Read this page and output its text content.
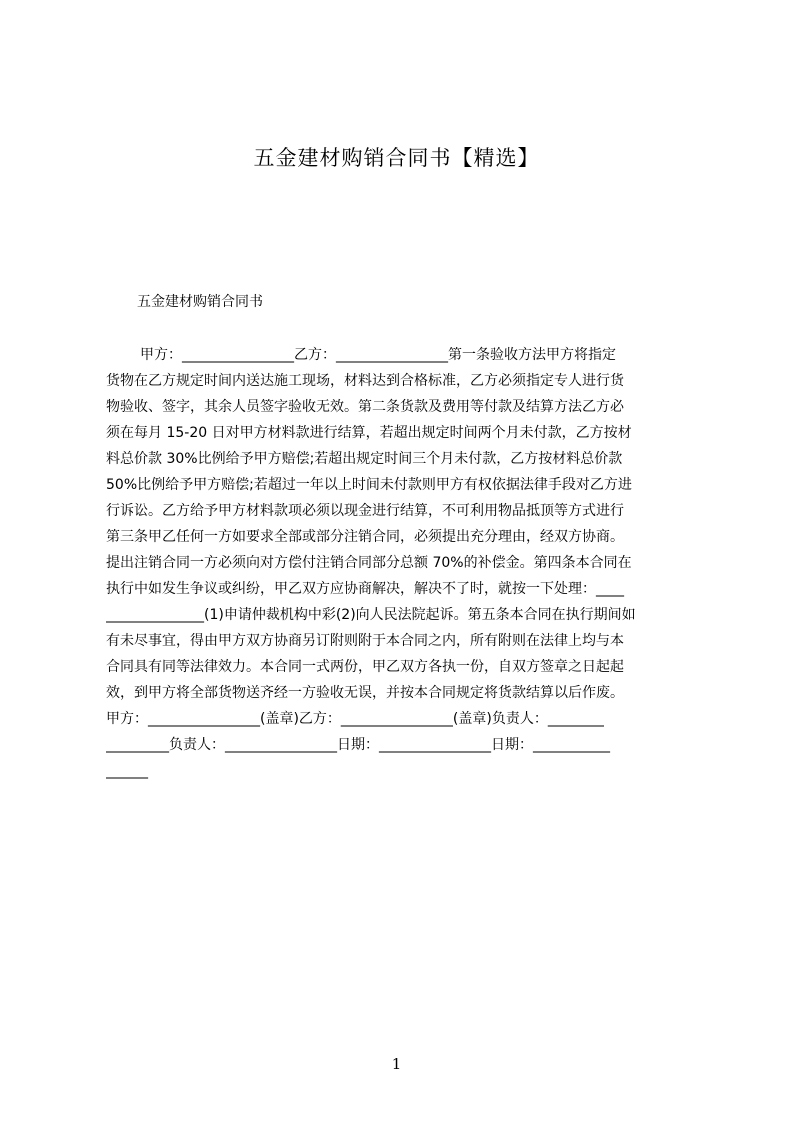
五金建材购销合同书【精选】
五金建材购销合同书
甲方：________________乙方：________________第一条验收方法甲方将指定
货物在乙方规定时间内送达施工现场，材料达到合格标准，乙方必须指定专人进行货
物验收、签字，其余人员签字验收无效。第二条货款及费用等付款及结算方法乙方必
须在每月 15-20 日对甲方材料款进行结算，若超出规定时间两个月未付款，乙方按材
料总价款 30%比例给予甲方赔偿;若超出规定时间三个月未付款，乙方按材料总价款
50%比例给予甲方赔偿;若超过一年以上时间未付款则甲方有权依据法律手段对乙方进
行诉讼。乙方给予甲方材料款项必须以现金进行结算，不可利用物品抵顶等方式进行
第三条甲乙任何一方如要求全部或部分注销合同，必须提出充分理由，经双方协商。
提出注销合同一方必须向对方偿付注销合同部分总额 70%的补偿金。第四条本合同在
执行中如发生争议或纠纷，甲乙双方应协商解决，解决不了时，就按一下处理：____
______________(1)申请仲裁机构中彩(2)向人民法院起诉。第五条本合同在执行期间如
有未尽事宜，得由甲方双方协商另订附则附于本合同之内，所有附则在法律上均与本
合同具有同等法律效力。本合同一式两份，甲乙双方各执一份，自双方签章之日起起
效，到甲方将全部货物送齐经一方验收无误，并按本合同规定将货款结算以后作废。
甲方：________________(盖章)乙方：________________(盖章)负责人：________
_________负责人：________________日期：________________日期：___________
______
1
